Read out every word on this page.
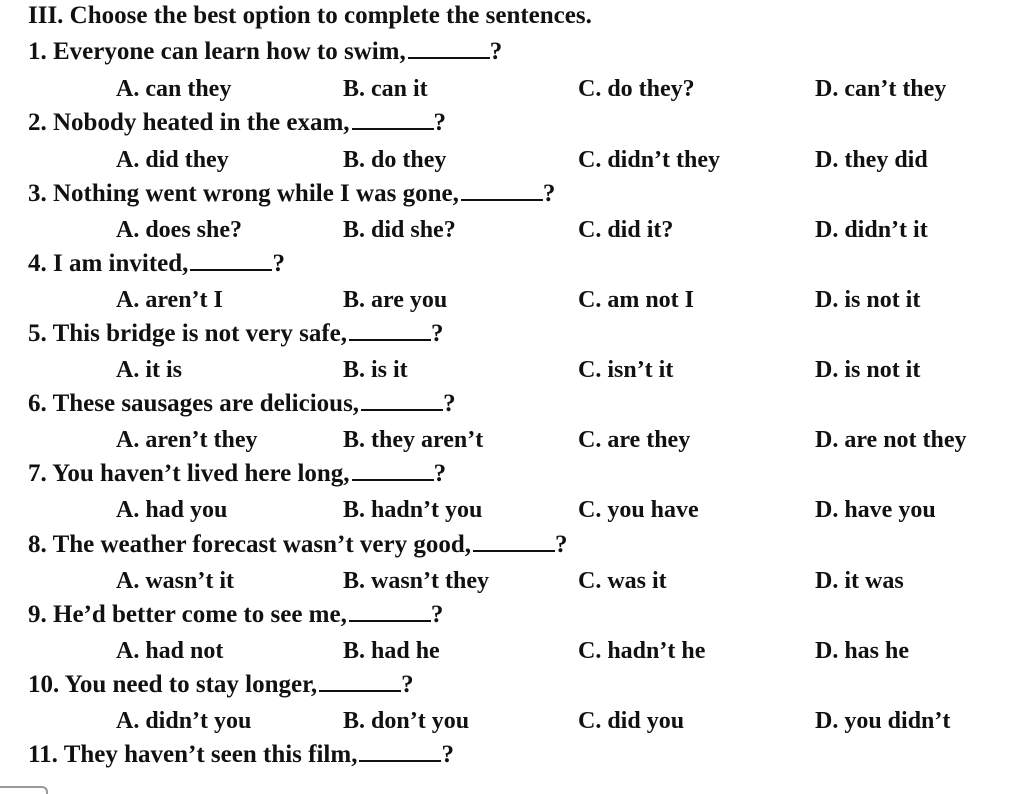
III. Choose the best option to complete the sentences.
1. Everyone can learn how to swim,	?
A. can they	B. can it	C. do they?	D. can’t they
2. Nobody heated in the exam,	?
A. did they	B. do they	C. didn’t they	D. they did
3. Nothing went wrong while I was gone,	?
A. does she?	B. did she?	C. did it?	D. didn’t it
4. I am invited,	?
A. aren’t I	B. are you	C. am not I	D. is not it
5. This bridge is not very safe,	?
A. it is	B. is it	C. isn’t it	D. is not it
6. These sausages are delicious,	?
A. aren’t they	B. they aren’t	C. are they	D. are not they
7. You haven’t lived here long,	?
A. had you	B. hadn’t you	C. you have	D. have you
8. The weather forecast wasn’t very good,	?
A. wasn’t it	B. wasn’t they	C. was it	D. it was
9. He’d better come to see me,	?
A. had not	B. had he	C. hadn’t he	D. has he
10. You need to stay longer,	?
A. didn’t you	B. don’t you	C. did you	D. you didn’t
11. They haven’t seen this film,	?
